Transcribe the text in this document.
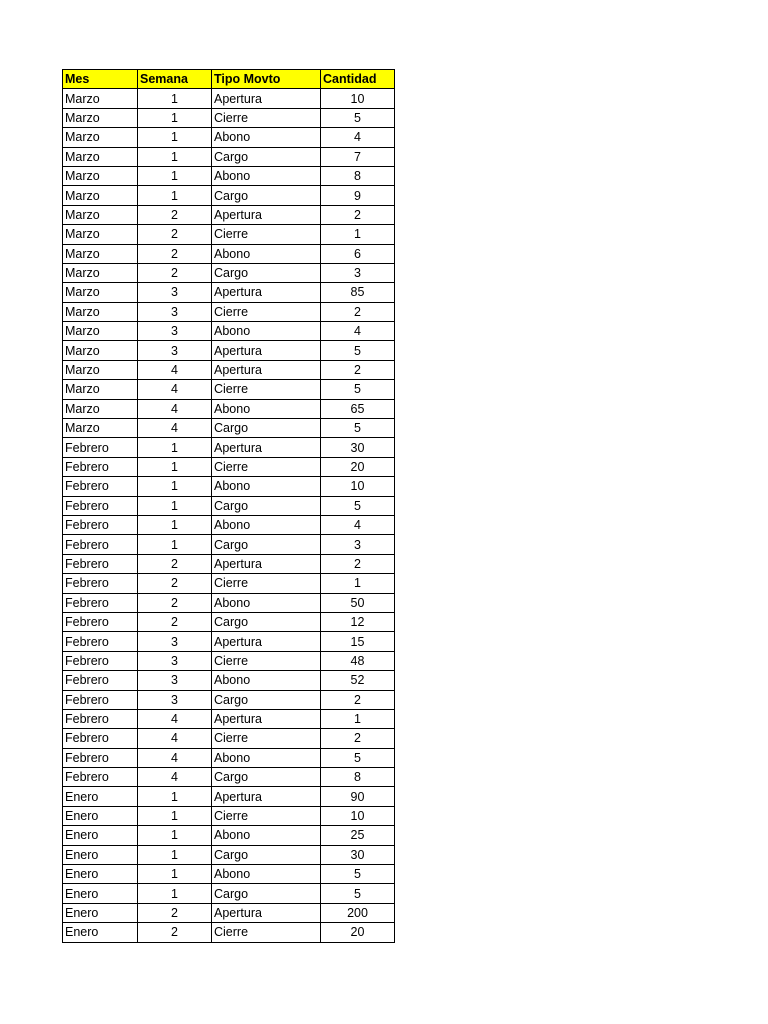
Mes	Semana	Tipo Movto	Cantidad
Marzo	1	Apertura	10
Marzo	1	Cierre	5
Marzo	1	Abono	4
Marzo	1	Cargo	7
Marzo	1	Abono	8
Marzo	1	Cargo	9
Marzo	2	Apertura	2
Marzo	2	Cierre	1
Marzo	2	Abono	6
Marzo	2	Cargo	3
Marzo	3	Apertura	85
Marzo	3	Cierre	2
Marzo	3	Abono	4
Marzo	3	Apertura	5
Marzo	4	Apertura	2
Marzo	4	Cierre	5
Marzo	4	Abono	65
Marzo	4	Cargo	5
Febrero	1	Apertura	30
Febrero	1	Cierre	20
Febrero	1	Abono	10
Febrero	1	Cargo	5
Febrero	1	Abono	4
Febrero	1	Cargo	3
Febrero	2	Apertura	2
Febrero	2	Cierre	1
Febrero	2	Abono	50
Febrero	2	Cargo	12
Febrero	3	Apertura	15
Febrero	3	Cierre	48
Febrero	3	Abono	52
Febrero	3	Cargo	2
Febrero	4	Apertura	1
Febrero	4	Cierre	2
Febrero	4	Abono	5
Febrero	4	Cargo	8
Enero	1	Apertura	90
Enero	1	Cierre	10
Enero	1	Abono	25
Enero	1	Cargo	30
Enero	1	Abono	5
Enero	1	Cargo	5
Enero	2	Apertura	200
Enero	2	Cierre	20
